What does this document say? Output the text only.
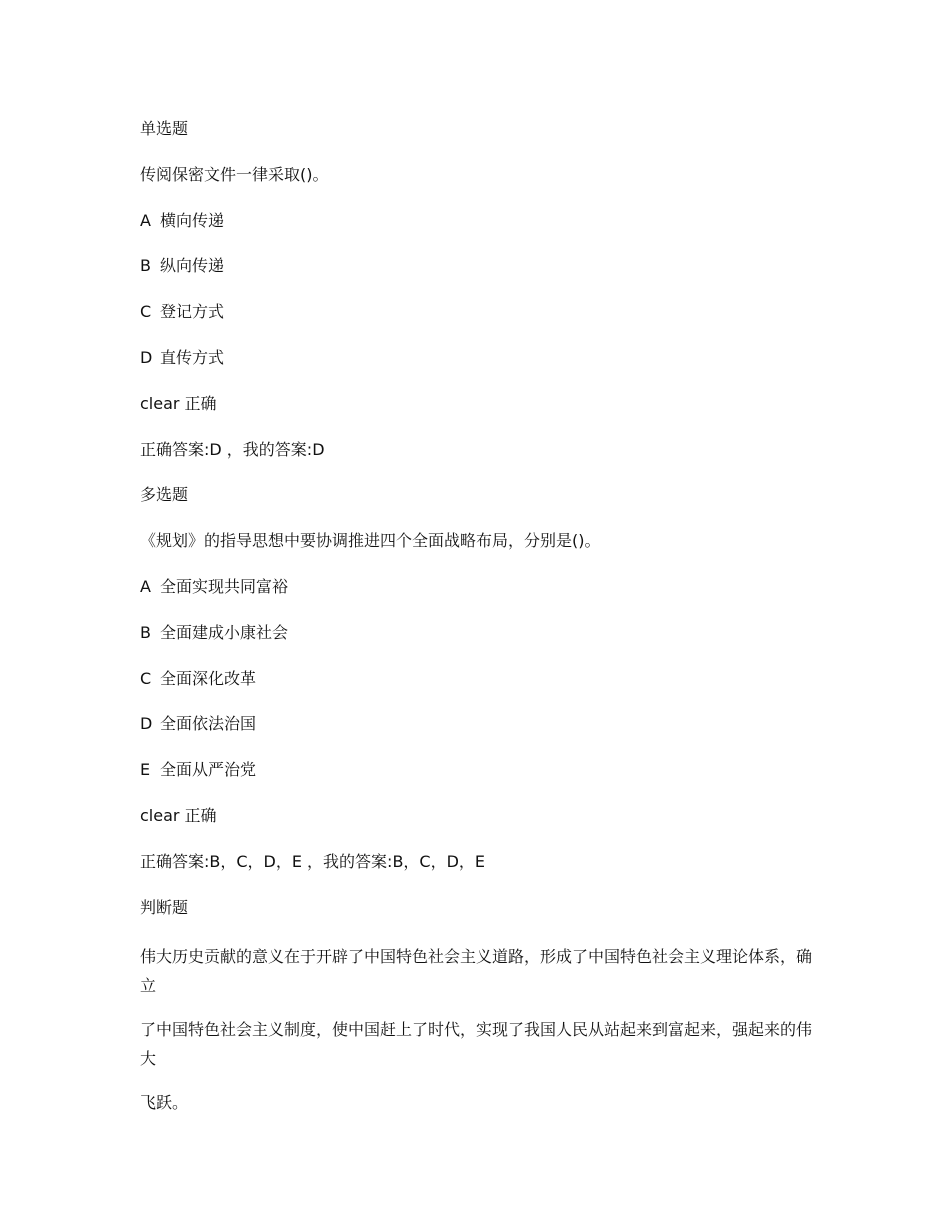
单选题
传阅保密文件一律采取()。
A 横向传递
B 纵向传递
C 登记方式
D 直传方式
clear 正确
正确答案:D ，我的答案:D
多选题
《规划》的指导思想中要协调推进四个全面战略布局，分别是()。
A 全面实现共同富裕
B 全面建成小康社会
C 全面深化改革
D 全面依法治国
E 全面从严治党
clear 正确
正确答案:B，C，D，E ，我的答案:B，C，D，E
判断题
伟大历史贡献的意义在于开辟了中国特色社会主义道路，形成了中国特色社会主义理论体系，确立
了中国特色社会主义制度，使中国赶上了时代，实现了我国人民从站起来到富起来，强起来的伟大
飞跃。
